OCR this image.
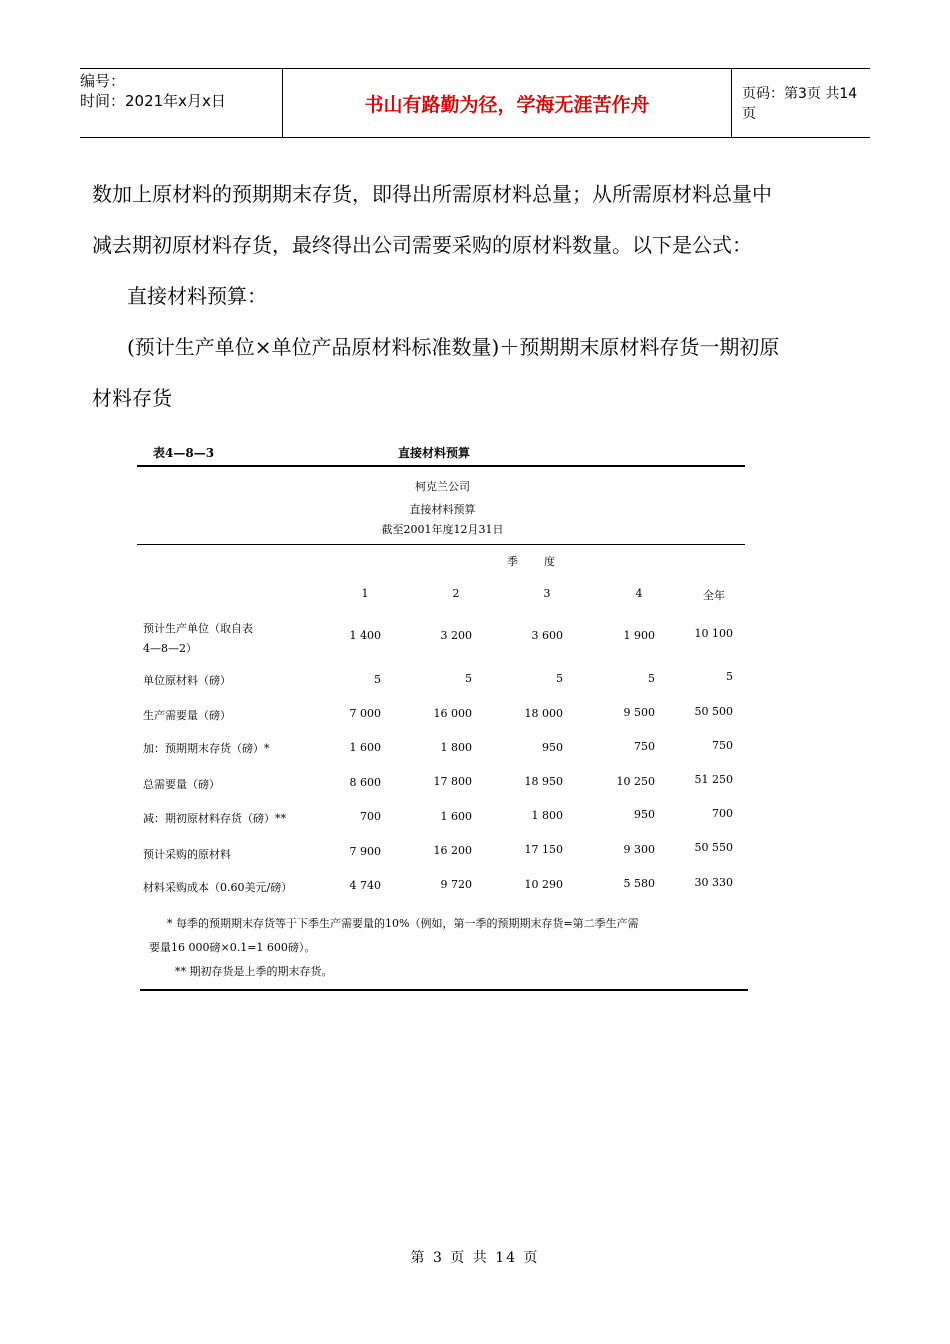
编号：
时间：2021年x月x日	书山有路勤为径，学海无涯苦作舟	页码：第3页 共14页
数加上原材料的预期期末存货，即得出所需原材料总量；从所需原材料总量中
减去期初原材料存货，最终得出公司需要采购的原材料数量。以下是公式：
直接材料预算：
(预计生产单位×单位产品原材料标准数量)＋预期期末原材料存货一期初原
材料存货
表4—8—3	直接材料预算
柯克兰公司
直接材料预算
截至2001年度12月31日
季度
1	2	3	4	全年
预计生产单位（取自表
4—8—2）
1 400	3 200	3 600	1 900	10 100
单位原材料（磅）	5	5	5	5	5
生产需要量（磅）	7 000	16 000	18 000	9 500	50 500
加：预期期末存货（磅）*	1 600	1 800	950	750	750
总需要量（磅）	8 600	17 800	18 950	10 250	51 250
减：期初原材料存货（磅）**	700	1 600	1 800	950	700
预计采购的原材料	7 900	16 200	17 150	9 300	50 550
材料采购成本（0.60美元/磅）	4 740	9 720	10 290	5 580	30 330
* 每季的预期期末存货等于下季生产需要量的10%（例如，第一季的预期期末存货=第二季生产需
要量16 000磅×0.1=1 600磅）。
** 期初存货是上季的期末存货。
第 3 页 共 14 页
